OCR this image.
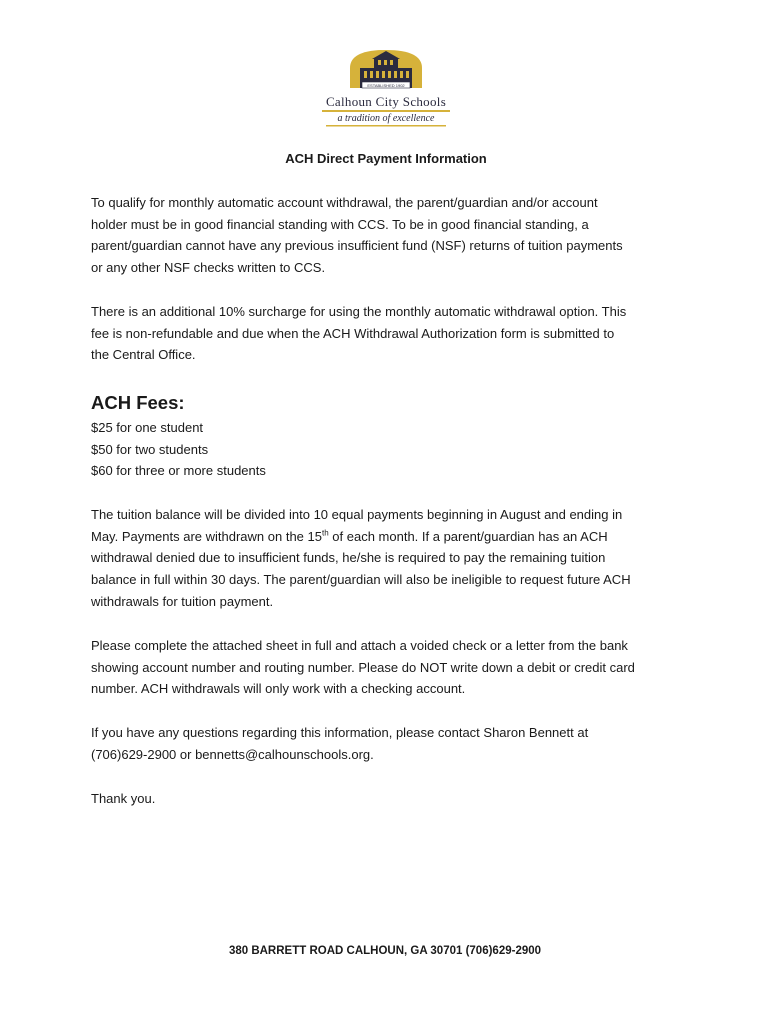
ESTABLISHED 1902
Calhoun City Schools
a tradition of excellence
ACH Direct Payment Information

To qualify for monthly automatic account withdrawal, the parent/guardian and/or account
holder must be in good financial standing with CCS. To be in good financial standing, a
parent/guardian cannot have any previous insufficient fund (NSF) returns of tuition payments
or any other NSF checks written to CCS.

There is an additional 10% surcharge for using the monthly automatic withdrawal option. This
fee is non-refundable and due when the ACH Withdrawal Authorization form is submitted to
the Central Office.

ACH Fees:

$25 for one student
$50 for two students
$60 for three or more students

The tuition balance will be divided into 10 equal payments beginning in August and ending in
May. Payments are withdrawn on the 15th of each month. If a parent/guardian has an ACH
withdrawal denied due to insufficient funds, he/she is required to pay the remaining tuition
balance in full within 30 days. The parent/guardian will also be ineligible to request future ACH
withdrawals for tuition payment.

Please complete the attached sheet in full and attach a voided check or a letter from the bank
showing account number and routing number. Please do NOT write down a debit or credit card
number. ACH withdrawals will only work with a checking account.

If you have any questions regarding this information, please contact Sharon Bennett at
(706)629-2900 or bennetts@calhounschools.org.

Thank you.

380 BARRETT ROAD CALHOUN, GA 30701 (706)629-2900
